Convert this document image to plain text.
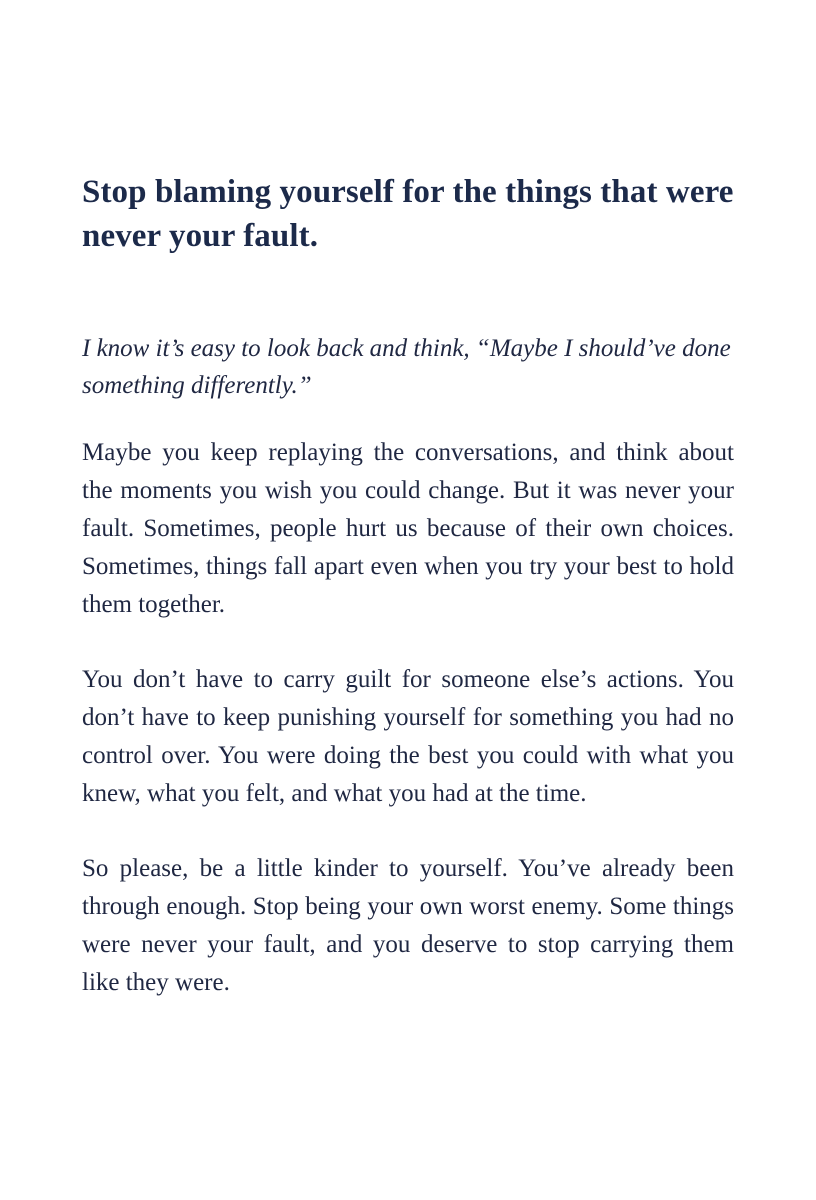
Stop blaming yourself for the things that were never your fault.

I know it’s easy to look back and think, “Maybe I should’ve done something differently.”

Maybe you keep replaying the conversations, and think about the moments you wish you could change. But it was never your fault. Sometimes, people hurt us because of their own choices. Sometimes, things fall apart even when you try your best to hold them together.

You don’t have to carry guilt for someone else’s actions. You don’t have to keep punishing yourself for something you had no control over. You were doing the best you could with what you knew, what you felt, and what you had at the time.

So please, be a little kinder to yourself. You’ve already been through enough. Stop being your own worst enemy. Some things were never your fault, and you deserve to stop carrying them like they were.
